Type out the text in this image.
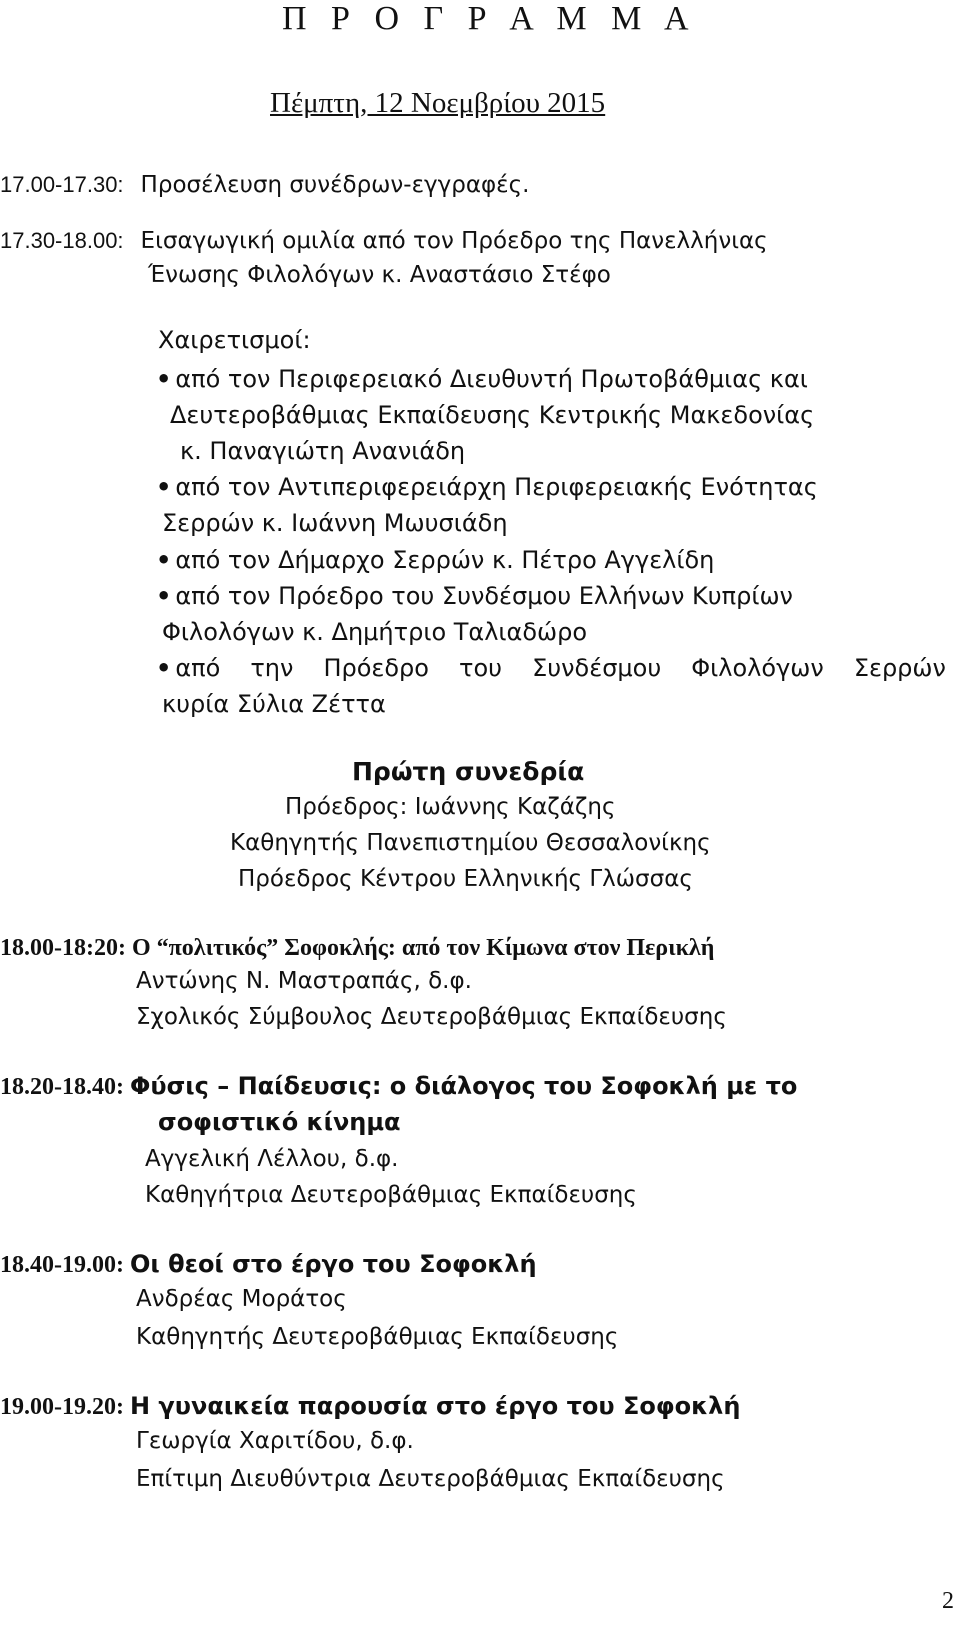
Π Ρ Ο Γ Ρ Α Μ Μ Α
Πέμπτη, 12 Νοεμβρίου 2015
17.00-17.30: Προσέλευση συνέδρων-εγγραφές.
17.30-18.00: Εισαγωγική ομιλία από τον Πρόεδρο της Πανελλήνιας
Ένωσης Φιλολόγων κ. Αναστάσιο Στέφο
Χαιρετισμοί:
• από τον Περιφερειακό Διευθυντή Πρωτοβάθμιας και
Δευτεροβάθμιας Εκπαίδευσης Κεντρικής Μακεδονίας
κ. Παναγιώτη Ανανιάδη
• από τον Αντιπεριφερειάρχη Περιφερειακής Ενότητας
Σερρών κ. Ιωάννη Μωυσιάδη
• από τον Δήμαρχο Σερρών κ. Πέτρο Αγγελίδη
• από τον Πρόεδρο του Συνδέσμου Ελλήνων Κυπρίων
Φιλολόγων κ. Δημήτριο Ταλιαδώρο
• από την Πρόεδρο του Συνδέσμου Φιλολόγων Σερρών
κυρία Σύλια Ζέττα
Πρώτη συνεδρία
Πρόεδρος: Ιωάννης Καζάζης
Καθηγητής Πανεπιστημίου Θεσσαλονίκης
Πρόεδρος Κέντρου Ελληνικής Γλώσσας
18.00-18:20: Ο “πολιτικός” Σοφοκλής: από τον Κίμωνα στον Περικλή
Αντώνης Ν. Μαστραπάς, δ.φ.
Σχολικός Σύμβουλος Δευτεροβάθμιας Εκπαίδευσης
18.20-18.40: Φύσις – Παίδευσις: ο διάλογος του Σοφοκλή με το
σοφιστικό κίνημα
Αγγελική Λέλλου, δ.φ.
Καθηγήτρια Δευτεροβάθμιας Εκπαίδευσης
18.40-19.00: Οι θεοί στο έργο του Σοφοκλή
Ανδρέας Μοράτος
Καθηγητής Δευτεροβάθμιας Εκπαίδευσης
19.00-19.20: Η γυναικεία παρουσία στο έργο του Σοφοκλή
Γεωργία Χαριτίδου, δ.φ.
Επίτιμη Διευθύντρια Δευτεροβάθμιας Εκπαίδευσης
2
